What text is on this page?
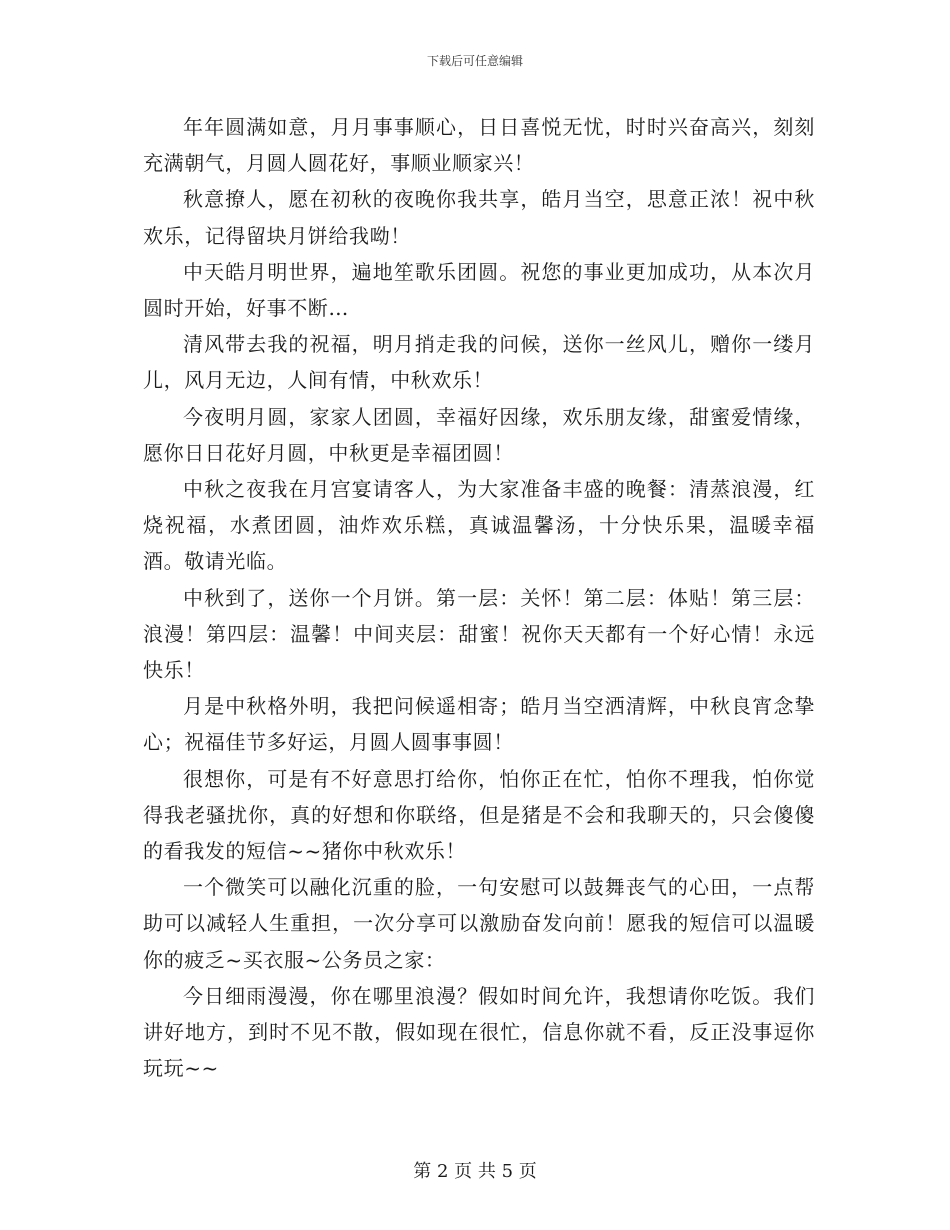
下载后可任意编辑

年年圆满如意，月月事事顺心，日日喜悦无忧，时时兴奋高兴，刻刻充满朝气，月圆人圆花好，事顺业顺家兴！

秋意撩人，愿在初秋的夜晚你我共享，皓月当空，思意正浓！祝中秋欢乐，记得留块月饼给我呦！

中天皓月明世界，遍地笙歌乐团圆。祝您的事业更加成功，从本次月圆时开始，好事不断…

清风带去我的祝福，明月捎走我的问候，送你一丝风儿，赠你一缕月儿，风月无边，人间有情，中秋欢乐！

今夜明月圆，家家人团圆，幸福好因缘，欢乐朋友缘，甜蜜爱情缘，愿你日日花好月圆，中秋更是幸福团圆！

中秋之夜我在月宫宴请客人，为大家准备丰盛的晚餐：清蒸浪漫，红烧祝福，水煮团圆，油炸欢乐糕，真诚温馨汤，十分快乐果，温暖幸福酒。敬请光临。

中秋到了，送你一个月饼。第一层：关怀！第二层：体贴！第三层：浪漫！第四层：温馨！中间夹层：甜蜜！祝你天天都有一个好心情！永远快乐！

月是中秋格外明，我把问候遥相寄；皓月当空洒清辉，中秋良宵念挚心；祝福佳节多好运，月圆人圆事事圆！

很想你，可是有不好意思打给你，怕你正在忙，怕你不理我，怕你觉得我老骚扰你，真的好想和你联络，但是猪是不会和我聊天的，只会傻傻的看我发的短信~~猪你中秋欢乐！

一个微笑可以融化沉重的脸，一句安慰可以鼓舞丧气的心田，一点帮助可以减轻人生重担，一次分享可以激励奋发向前！愿我的短信可以温暖你的疲乏~买衣服~公务员之家：

今日细雨漫漫，你在哪里浪漫？假如时间允许，我想请你吃饭。我们讲好地方，到时不见不散，假如现在很忙，信息你就不看，反正没事逗你玩玩~~

第 2 页 共 5 页
